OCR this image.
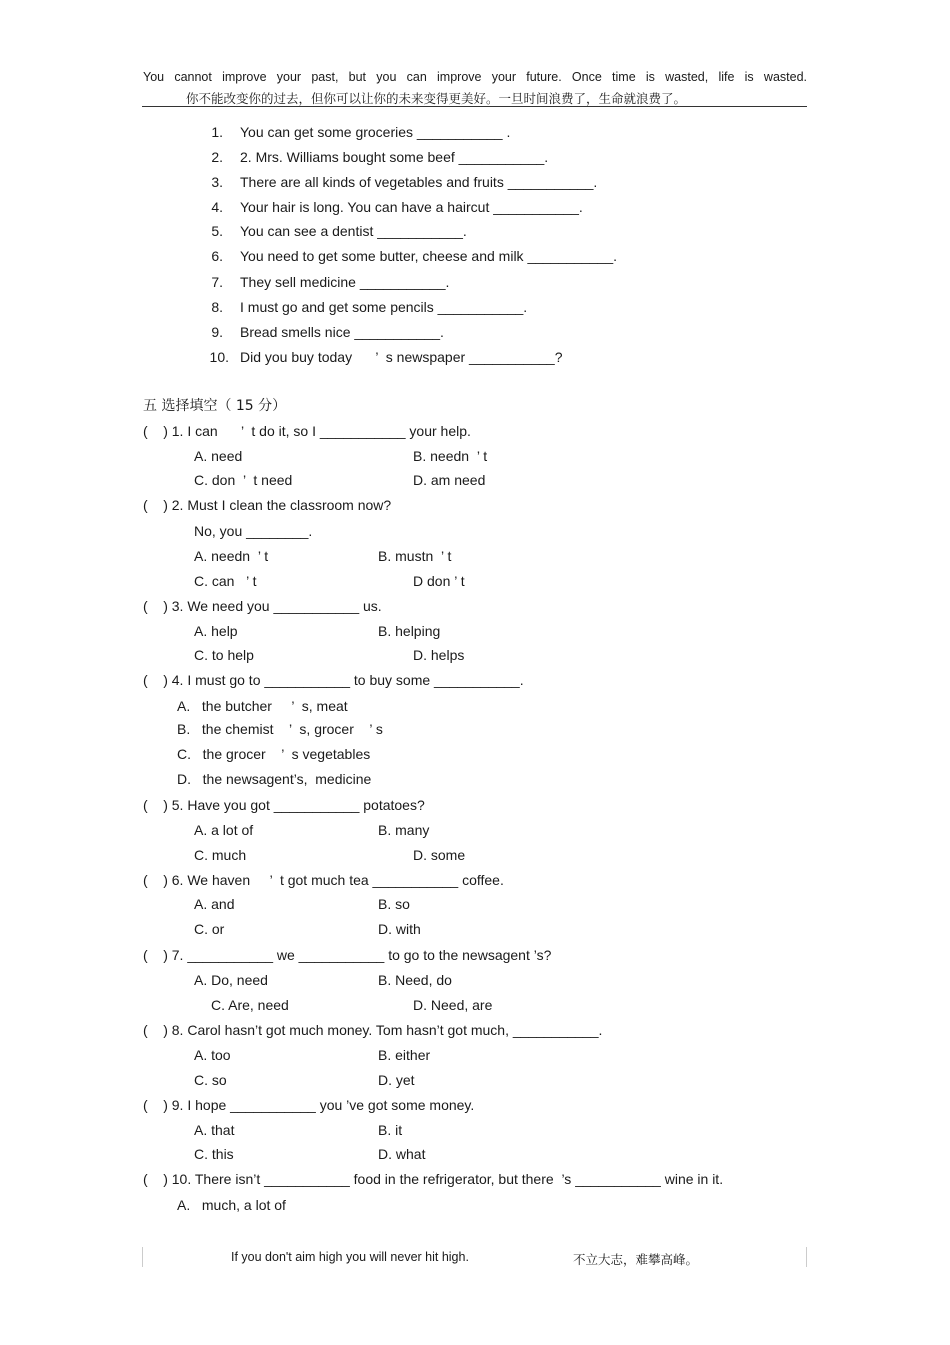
You cannot improve your past, but you can improve your future. Once time is wasted, life is wasted.
你不能改变你的过去，但你可以让你的未来变得更美好。一旦时间浪费了，生命就浪费了。
1. You can get some groceries ___________ .
2. 2. Mrs. Williams bought some beef ___________.
3. There are all kinds of vegetables and fruits ___________.
4. Your hair is long. You can have a haircut ___________.
5. You can see a dentist ___________.
6. You need to get some butter, cheese and milk ___________.
7. They sell medicine ___________.
8. I must go and get some pencils ___________.
9. Bread smells nice ___________.
10. Did you buy today      ’  s newspaper ___________?
五 选择填空（ 15 分）
(    ) 1. I can      ’  t do it, so I ___________ your help.
A. need	B. needn  ’ t
C. don  ’  t need	D. am need
(    ) 2. Must I clean the classroom now?
No, you ________.
A. needn  ’ t	B. mustn  ’ t
C. can   ’ t	D don ’ t
(    ) 3. We need you ___________ us.
A. help	B. helping
C. to help	D. helps
(    ) 4. I must go to ___________ to buy some ___________.
A.   the butcher     ’  s, meat
B.   the chemist    ’  s, grocer    ’ s
C.   the grocer    ’  s vegetables
D.   the newsagent’s,  medicine
(    ) 5. Have you got ___________ potatoes?
A. a lot of	B. many
C. much	D. some
(    ) 6. We haven     ’  t got much tea ___________ coffee.
A. and	B. so
C. or	D. with
(    ) 7. ___________ we ___________ to go to the newsagent ’s?
A. Do, need	B. Need, do
C. Are, need	D. Need, are
(    ) 8. Carol hasn’t got much money. Tom hasn’t got much, ___________.
A. too	B. either
C. so	D. yet
(    ) 9. I hope ___________ you ’ve got some money.
A. that	B. it
C. this	D. what
(    ) 10. There isn’t ___________ food in the refrigerator, but there  ’s ___________ wine in it.
A.   much, a lot of
If you don't aim high you will never hit high.	不立大志，难攀高峰。
